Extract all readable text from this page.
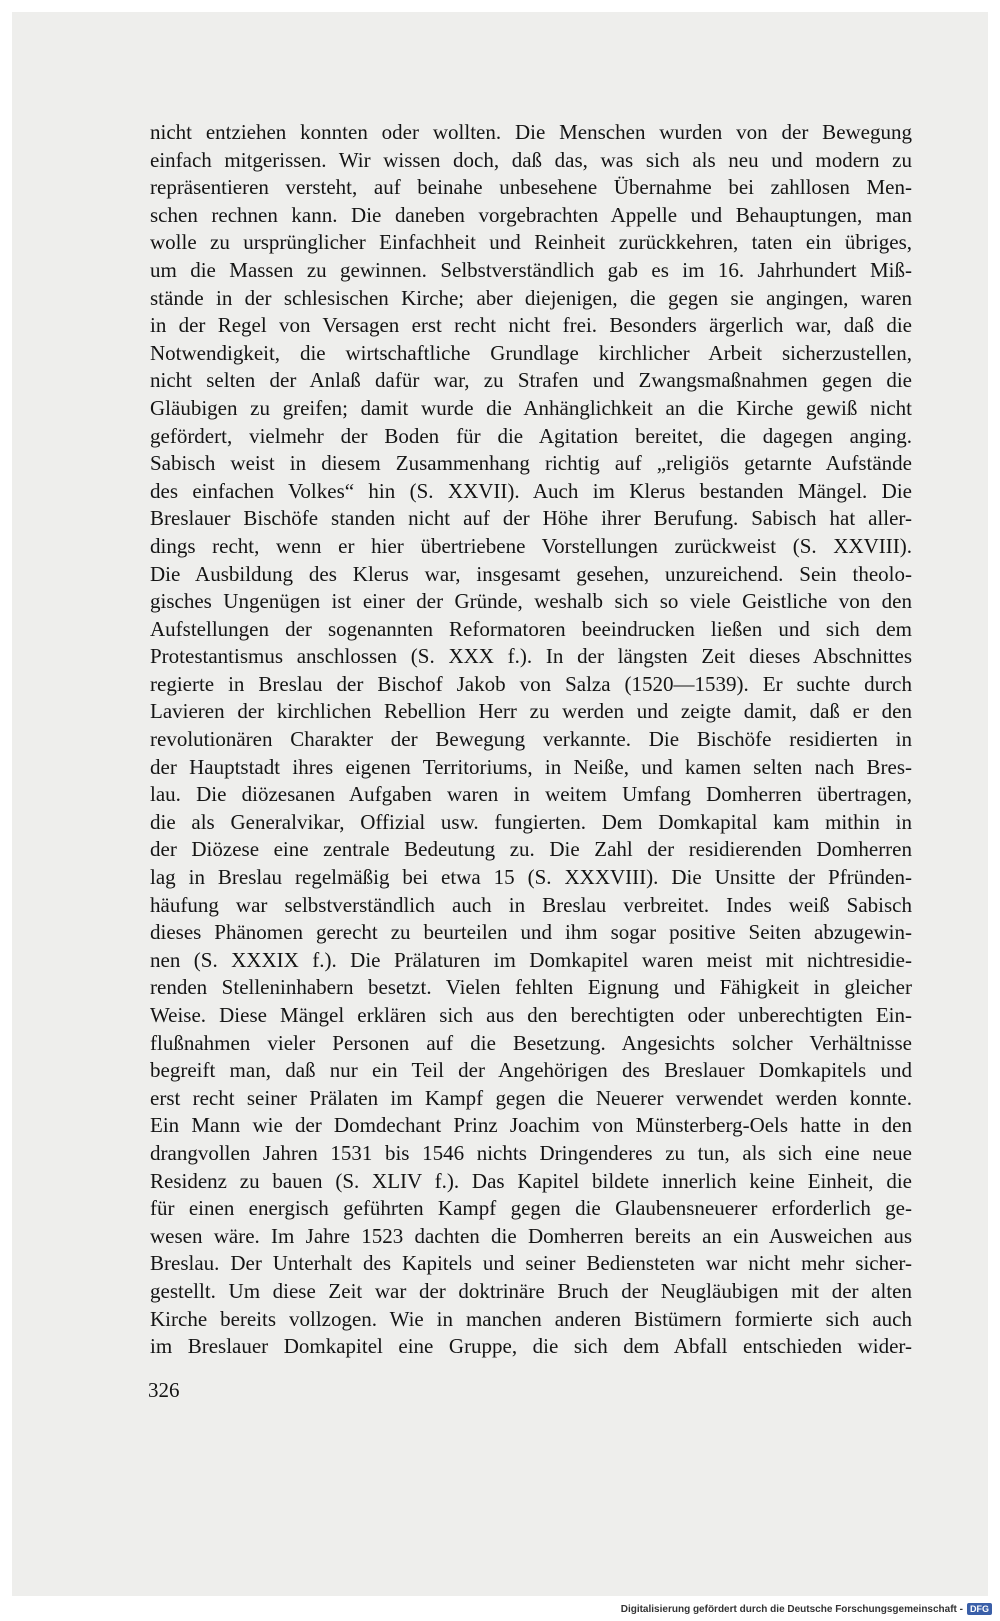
nicht entziehen konnten oder wollten. Die Menschen wurden von der Bewegung
einfach mitgerissen. Wir wissen doch, daß das, was sich als neu und modern zu
repräsentieren versteht, auf beinahe unbesehene Übernahme bei zahllosen Men-
schen rechnen kann. Die daneben vorgebrachten Appelle und Behauptungen, man
wolle zu ursprünglicher Einfachheit und Reinheit zurückkehren, taten ein übriges,
um die Massen zu gewinnen. Selbstverständlich gab es im 16. Jahrhundert Miß-
stände in der schlesischen Kirche; aber diejenigen, die gegen sie angingen, waren
in der Regel von Versagen erst recht nicht frei. Besonders ärgerlich war, daß die
Notwendigkeit, die wirtschaftliche Grundlage kirchlicher Arbeit sicherzustellen,
nicht selten der Anlaß dafür war, zu Strafen und Zwangsmaßnahmen gegen die
Gläubigen zu greifen; damit wurde die Anhänglichkeit an die Kirche gewiß nicht
gefördert, vielmehr der Boden für die Agitation bereitet, die dagegen anging.
Sabisch weist in diesem Zusammenhang richtig auf „religiös getarnte Aufstände
des einfachen Volkes“ hin (S. XXVII). Auch im Klerus bestanden Mängel. Die
Breslauer Bischöfe standen nicht auf der Höhe ihrer Berufung. Sabisch hat aller-
dings recht, wenn er hier übertriebene Vorstellungen zurückweist (S. XXVIII).
Die Ausbildung des Klerus war, insgesamt gesehen, unzureichend. Sein theolo-
gisches Ungenügen ist einer der Gründe, weshalb sich so viele Geistliche von den
Aufstellungen der sogenannten Reformatoren beeindrucken ließen und sich dem
Protestantismus anschlossen (S. XXX f.). In der längsten Zeit dieses Abschnittes
regierte in Breslau der Bischof Jakob von Salza (1520—1539). Er suchte durch
Lavieren der kirchlichen Rebellion Herr zu werden und zeigte damit, daß er den
revolutionären Charakter der Bewegung verkannte. Die Bischöfe residierten in
der Hauptstadt ihres eigenen Territoriums, in Neiße, und kamen selten nach Bres-
lau. Die diözesanen Aufgaben waren in weitem Umfang Domherren übertragen,
die als Generalvikar, Offizial usw. fungierten. Dem Domkapital kam mithin in
der Diözese eine zentrale Bedeutung zu. Die Zahl der residierenden Domherren
lag in Breslau regelmäßig bei etwa 15 (S. XXXVIII). Die Unsitte der Pfründen-
häufung war selbstverständlich auch in Breslau verbreitet. Indes weiß Sabisch
dieses Phänomen gerecht zu beurteilen und ihm sogar positive Seiten abzugewin-
nen (S. XXXIX f.). Die Prälaturen im Domkapitel waren meist mit nichtresidie-
renden Stelleninhabern besetzt. Vielen fehlten Eignung und Fähigkeit in gleicher
Weise. Diese Mängel erklären sich aus den berechtigten oder unberechtigten Ein-
flußnahmen vieler Personen auf die Besetzung. Angesichts solcher Verhältnisse
begreift man, daß nur ein Teil der Angehörigen des Breslauer Domkapitels und
erst recht seiner Prälaten im Kampf gegen die Neuerer verwendet werden konnte.
Ein Mann wie der Domdechant Prinz Joachim von Münsterberg-Oels hatte in den
drangvollen Jahren 1531 bis 1546 nichts Dringenderes zu tun, als sich eine neue
Residenz zu bauen (S. XLIV f.). Das Kapitel bildete innerlich keine Einheit, die
für einen energisch geführten Kampf gegen die Glaubensneuerer erforderlich ge-
wesen wäre. Im Jahre 1523 dachten die Domherren bereits an ein Ausweichen aus
Breslau. Der Unterhalt des Kapitels und seiner Bediensteten war nicht mehr sicher-
gestellt. Um diese Zeit war der doktrinäre Bruch der Neugläubigen mit der alten
Kirche bereits vollzogen. Wie in manchen anderen Bistümern formierte sich auch
im Breslauer Domkapitel eine Gruppe, die sich dem Abfall entschieden wider-
326
Digitalisierung gefördert durch die Deutsche Forschungsgemeinschaft - DFG
